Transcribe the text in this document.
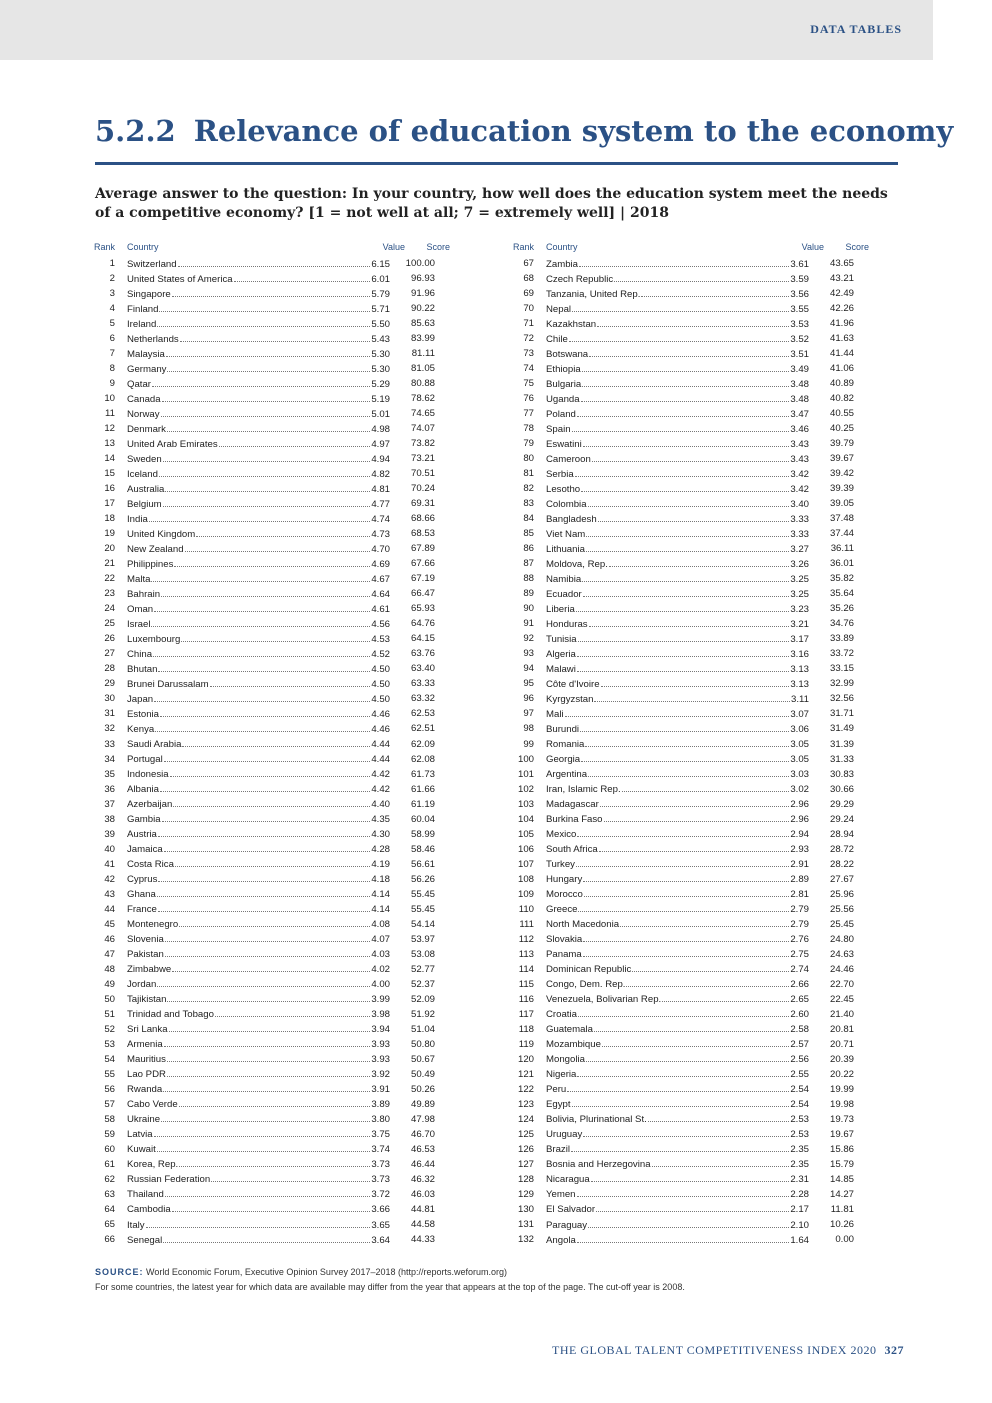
DATA TABLES
5.2.2 Relevance of education system to the economy

Average answer to the question: In your country, how well does the education system meet the needs of a competitive economy? [1 = not well at all; 7 = extremely well] | 2018

Rank	Country	Value	Score
1 Switzerland	6.15	100.00
2 United States of America	6.01	96.93
3 Singapore	5.79	91.96
4 Finland	5.71	90.22
5 Ireland	5.50	85.63
6 Netherlands	5.43	83.99
7 Malaysia	5.30	81.11
8 Germany	5.30	81.05
9 Qatar	5.29	80.88
10 Canada	5.19	78.62
11 Norway	5.01	74.65
12 Denmark	4.98	74.07
13 United Arab Emirates	4.97	73.82
14 Sweden	4.94	73.21
15 Iceland	4.82	70.51
16 Australia	4.81	70.24
17 Belgium	4.77	69.31
18 India	4.74	68.66
19 United Kingdom	4.73	68.53
20 New Zealand	4.70	67.89
21 Philippines	4.69	67.66
22 Malta	4.67	67.19
23 Bahrain	4.64	66.47
24 Oman	4.61	65.93
25 Israel	4.56	64.76
26 Luxembourg	4.53	64.15
27 China	4.52	63.76
28 Bhutan	4.50	63.40
29 Brunei Darussalam	4.50	63.33
30 Japan	4.50	63.32
31 Estonia	4.46	62.53
32 Kenya	4.46	62.51
33 Saudi Arabia	4.44	62.09
34 Portugal	4.44	62.08
35 Indonesia	4.42	61.73
36 Albania	4.42	61.66
37 Azerbaijan	4.40	61.19
38 Gambia	4.35	60.04
39 Austria	4.30	58.99
40 Jamaica	4.28	58.46
41 Costa Rica	4.19	56.61
42 Cyprus	4.18	56.26
43 Ghana	4.14	55.45
44 France	4.14	55.45
45 Montenegro	4.08	54.14
46 Slovenia	4.07	53.97
47 Pakistan	4.03	53.08
48 Zimbabwe	4.02	52.77
49 Jordan	4.00	52.37
50 Tajikistan	3.99	52.09
51 Trinidad and Tobago	3.98	51.92
52 Sri Lanka	3.94	51.04
53 Armenia	3.93	50.80
54 Mauritius	3.93	50.67
55 Lao PDR	3.92	50.49
56 Rwanda	3.91	50.26
57 Cabo Verde	3.89	49.89
58 Ukraine	3.80	47.98
59 Latvia	3.75	46.70
60 Kuwait	3.74	46.53
61 Korea, Rep.	3.73	46.44
62 Russian Federation	3.73	46.32
63 Thailand	3.72	46.03
64 Cambodia	3.66	44.81
65 Italy	3.65	44.58
66 Senegal	3.64	44.33
Rank	Country	Value	Score
67 Zambia	3.61	43.65
68 Czech Republic	3.59	43.21
69 Tanzania, United Rep.	3.56	42.49
70 Nepal	3.55	42.26
71 Kazakhstan	3.53	41.96
72 Chile	3.52	41.63
73 Botswana	3.51	41.44
74 Ethiopia	3.49	41.06
75 Bulgaria	3.48	40.89
76 Uganda	3.48	40.82
77 Poland	3.47	40.55
78 Spain	3.46	40.25
79 Eswatini	3.43	39.79
80 Cameroon	3.43	39.67
81 Serbia	3.42	39.42
82 Lesotho	3.42	39.39
83 Colombia	3.40	39.05
84 Bangladesh	3.33	37.48
85 Viet Nam	3.33	37.44
86 Lithuania	3.27	36.11
87 Moldova, Rep.	3.26	36.01
88 Namibia	3.25	35.82
89 Ecuador	3.25	35.64
90 Liberia	3.23	35.26
91 Honduras	3.21	34.76
92 Tunisia	3.17	33.89
93 Algeria	3.16	33.72
94 Malawi	3.13	33.15
95 Côte d'Ivoire	3.13	32.99
96 Kyrgyzstan	3.11	32.56
97 Mali	3.07	31.71
98 Burundi	3.06	31.49
99 Romania	3.05	31.39
100 Georgia	3.05	31.33
101 Argentina	3.03	30.83
102 Iran, Islamic Rep.	3.02	30.66
103 Madagascar	2.96	29.29
104 Burkina Faso	2.96	29.24
105 Mexico	2.94	28.94
106 South Africa	2.93	28.72
107 Turkey	2.91	28.22
108 Hungary	2.89	27.67
109 Morocco	2.81	25.96
110 Greece	2.79	25.56
111 North Macedonia	2.79	25.45
112 Slovakia	2.76	24.80
113 Panama	2.75	24.63
114 Dominican Republic	2.74	24.46
115 Congo, Dem. Rep.	2.66	22.70
116 Venezuela, Bolivarian Rep.	2.65	22.45
117 Croatia	2.60	21.40
118 Guatemala	2.58	20.81
119 Mozambique	2.57	20.71
120 Mongolia	2.56	20.39
121 Nigeria	2.55	20.22
122 Peru	2.54	19.99
123 Egypt	2.54	19.98
124 Bolivia, Plurinational St.	2.53	19.73
125 Uruguay	2.53	19.67
126 Brazil	2.35	15.86
127 Bosnia and Herzegovina	2.35	15.79
128 Nicaragua	2.31	14.85
129 Yemen	2.28	14.27
130 El Salvador	2.17	11.81
131 Paraguay	2.10	10.26
132 Angola	1.64	0.00

SOURCE: World Economic Forum, Executive Opinion Survey 2017–2018 (http://reports.weforum.org)
For some countries, the latest year for which data are available may differ from the year that appears at the top of the page. The cut-off year is 2008.

THE GLOBAL TALENT COMPETITIVENESS INDEX 2020 327
